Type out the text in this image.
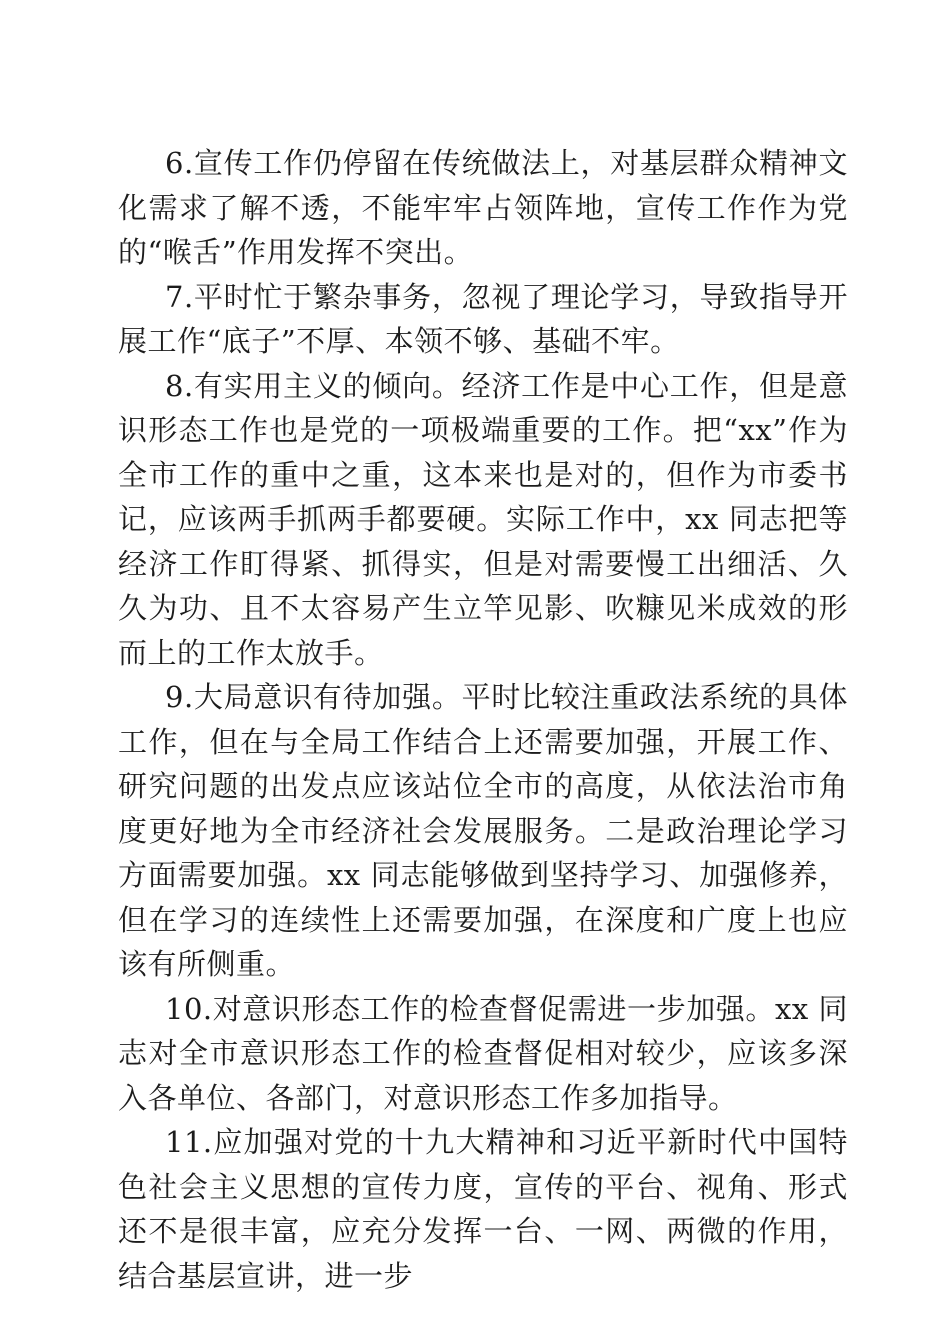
6.宣传工作仍停留在传统做法上，对基层群众精神文化需求了解不透，不能牢牢占领阵地，宣传工作作为党的“喉舌”作用发挥不突出。

7.平时忙于繁杂事务，忽视了理论学习，导致指导开展工作“底子”不厚、本领不够、基础不牢。

8.有实用主义的倾向。经济工作是中心工作，但是意识形态工作也是党的一项极端重要的工作。把“xx”作为全市工作的重中之重，这本来也是对的，但作为市委书记，应该两手抓两手都要硬。实际工作中，xx 同志把等经济工作盯得紧、抓得实，但是对需要慢工出细活、久久为功、且不太容易产生立竿见影、吹糠见米成效的形而上的工作太放手。

9.大局意识有待加强。平时比较注重政法系统的具体工作，但在与全局工作结合上还需要加强，开展工作、研究问题的出发点应该站位全市的高度，从依法治市角度更好地为全市经济社会发展服务。二是政治理论学习方面需要加强。xx 同志能够做到坚持学习、加强修养，但在学习的连续性上还需要加强，在深度和广度上也应该有所侧重。

10.对意识形态工作的检查督促需进一步加强。xx 同志对全市意识形态工作的检查督促相对较少，应该多深入各单位、各部门，对意识形态工作多加指导。

11.应加强对党的十九大精神和习近平新时代中国特色社会主义思想的宣传力度，宣传的平台、视角、形式还不是很丰富，应充分发挥一台、一网、两微的作用，结合基层宣讲，进一步
